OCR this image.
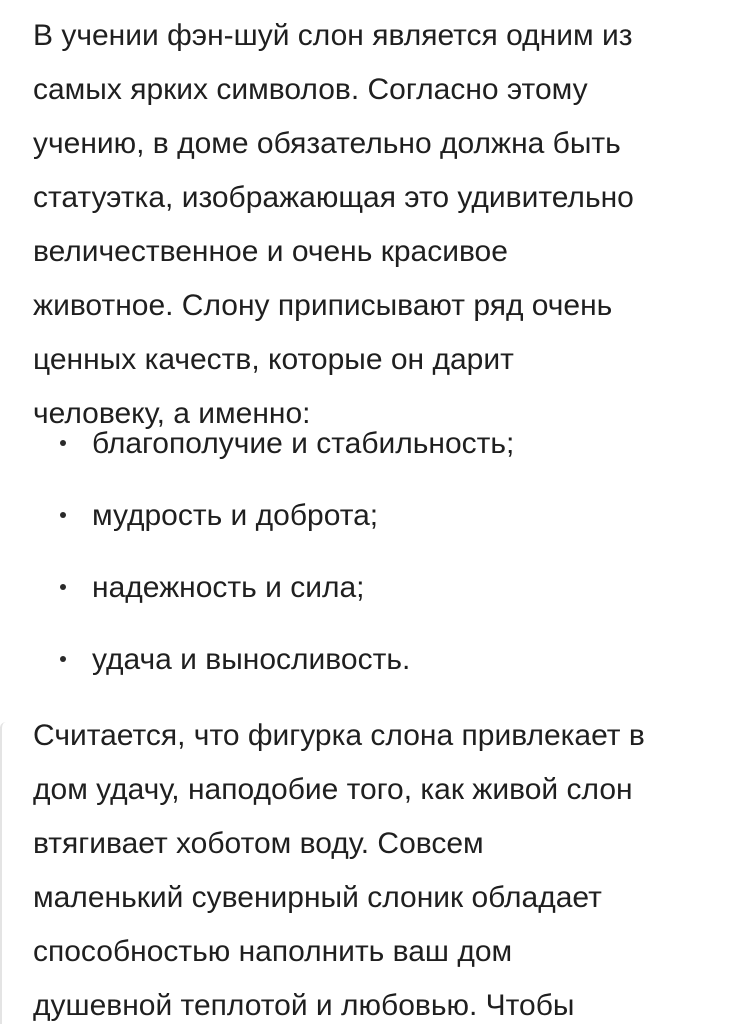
В учении фэн-шуй слон является одним из
самых ярких символов. Согласно этому
учению, в доме обязательно должна быть
статуэтка, изображающая это удивительно
величественное и очень красивое
животное. Слону приписывают ряд очень
ценных качеств, которые он дарит
человеку, а именно:

благополучие и стабильность;
мудрость и доброта;
надежность и сила;
удача и выносливость.

Считается, что фигурка слона привлекает в
дом удачу, наподобие того, как живой слон
втягивает хоботом воду. Совсем
маленький сувенирный слоник обладает
способностью наполнить ваш дом
душевной теплотой и любовью. Чтобы
